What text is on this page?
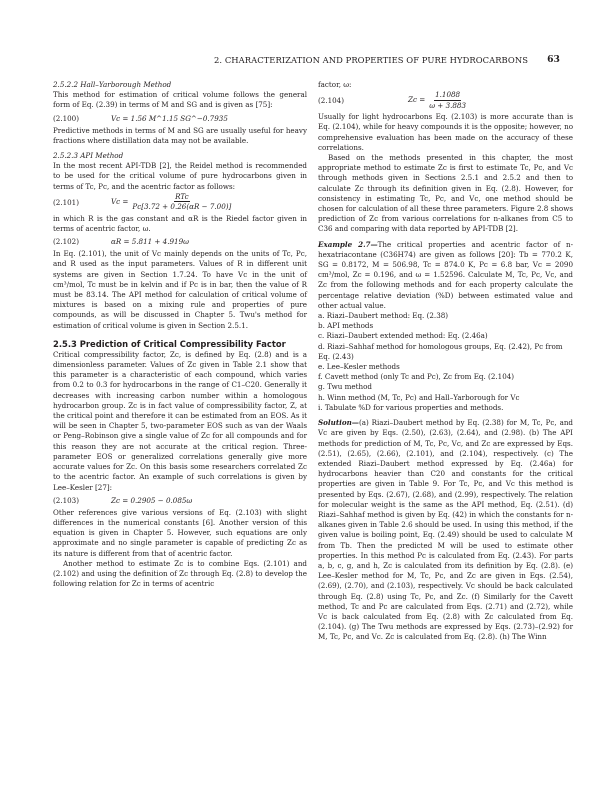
2. CHARACTERIZATION AND PROPERTIES OF PURE HYDROCARBONS 63

2.5.2.2 Hall–Yarborough Method

This method for estimation of critical volume follows the general form of Eq. (2.39) in terms of M and SG and is given as [75]:

(2.100)	Vc = 1.56 M^1.15 SG^−0.7935

Predictive methods in terms of M and SG are usually useful for heavy fractions where distillation data may not be available.

2.5.2.3 API Method

In the most recent API-TDB [2], the Reidel method is recommended to be used for the critical volume of pure hydrocarbons given in terms of Tc, Pc, and the acentric factor as follows:

(2.101)	Vc =
RTc
Pc[3.72 + 0.26(αR − 7.00)]

in which R is the gas constant and αR is the Riedel factor given in terms of acentric factor, ω.

(2.102)	αR = 5.811 + 4.919ω

In Eq. (2.101), the unit of Vc mainly depends on the units of Tc, Pc, and R used as the input parameters. Values of R in different unit systems are given in Section 1.7.24. To have Vc in the unit of cm³/mol, Tc must be in kelvin and if Pc is in bar, then the value of R must be 83.14. The API method for calculation of critical volume of mixtures is based on a mixing rule and properties of pure compounds, as will be discussed in Chapter 5. Twu's method for estimation of critical volume is given in Section 2.5.1.

2.5.3 Prediction of Critical Compressibility Factor

Critical compressibility factor, Zc, is defined by Eq. (2.8) and is a dimensionless parameter. Values of Zc given in Table 2.1 show that this parameter is a characteristic of each compound, which varies from 0.2 to 0.3 for hydrocarbons in the range of C1–C20. Generally it decreases with increasing carbon number within a homologous hydrocarbon group. Zc is in fact value of compressibility factor, Z, at the critical point and therefore it can be estimated from an EOS. As it will be seen in Chapter 5, two-parameter EOS such as van der Waals or Peng–Robinson give a single value of Zc for all compounds and for this reason they are not accurate at the critical region. Three-parameter EOS or generalized correlations generally give more accurate values for Zc. On this basis some researchers correlated Zc to the acentric factor. An example of such correlations is given by Lee–Kesler [27]:

(2.103)	Zc = 0.2905 − 0.085ω

Other references give various versions of Eq. (2.103) with slight differences in the numerical constants [6]. Another version of this equation is given in Chapter 5. However, such equations are only approximate and no single parameter is capable of predicting Zc as its nature is different from that of acentric factor.

Another method to estimate Zc is to combine Eqs. (2.101) and (2.102) and using the definition of Zc through Eq. (2.8) to develop the following relation for Zc in terms of acentric

factor, ω:

(2.104)	$Zc = \frac{1.1088}{\omega + 3.883}$

Usually for light hydrocarbons Eq. (2.103) is more accurate than is Eq. (2.104), while for heavy compounds it is the opposite; however, no comprehensive evaluation has been made on the accuracy of these correlations.

Based on the methods presented in this chapter, the most appropriate method to estimate Zc is first to estimate Tc, Pc, and Vc through methods given in Sections 2.5.1 and 2.5.2 and then to calculate Zc through its definition given in Eq. (2.8). However, for consistency in estimating Tc, Pc, and Vc, one method should be chosen for calculation of all these three parameters. Figure 2.8 shows prediction of Zc from various correlations for n-alkanes from C5 to C36 and comparing with data reported by API-TDB [2].

Example 2.7—The critical properties and acentric factor of n-hexatriacontane (C36H74) are given as follows [20]: Tb = 770.2 K, SG = 0.8172, M = 506.98, Tc = 874.0 K, Pc = 6.8 bar, Vc = 2090 cm³/mol, Zc = 0.196, and ω = 1.52596. Calculate M, Tc, Pc, Vc, and Zc from the following methods and for each property calculate the percentage relative deviation (%D) between estimated value and other actual value.

a. Riazi–Daubert method: Eq. (2.38)
b. API methods
c. Riazi–Daubert extended method: Eq. (2.46a)
d. Riazi–Sahhaf method for homologous groups, Eq. (2.42), Pc from Eq. (2.43)
e. Lee–Kesler methods
f. Cavett method (only Tc and Pc), Zc from Eq. (2.104)
g. Twu method
h. Winn method (M, Tc, Pc) and Hall–Yarborough for Vc
i. Tabulate %D for various properties and methods.

Solution—(a) Riazi–Daubert method by Eq. (2.38) for M, Tc, Pc, and Vc are given by Eqs. (2.50), (2.63), (2.64), and (2.98). (b) The API methods for prediction of M, Tc, Pc, Vc, and Zc are expressed by Eqs. (2.51), (2.65), (2.66), (2.101), and (2.104), respectively. (c) The extended Riazi–Daubert method expressed by Eq. (2.46a) for hydrocarbons heavier than C20 and constants for the critical properties are given in Table 9. For Tc, Pc, and Vc this method is presented by Eqs. (2.67), (2.68), and (2.99), respectively. The relation for molecular weight is the same as the API method, Eq. (2.51). (d) Riazi–Sahhaf method is given by Eq. (42) in which the constants for n-alkanes given in Table 2.6 should be used. In using this method, if the given value is boiling point, Eq. (2.49) should be used to calculate M from Tb. Then the predicted M will be used to estimate other properties. In this method Pc is calculated from Eq. (2.43). For parts a, b, c, g, and h, Zc is calculated from its definition by Eq. (2.8). (e) Lee–Kesler method for M, Tc, Pc, and Zc are given in Eqs. (2.54), (2.69), (2.70), and (2.103), respectively. Vc should be back calculated through Eq. (2.8) using Tc, Pc, and Zc. (f) Similarly for the Cavett method, Tc and Pc are calculated from Eqs. (2.71) and (2.72), while Vc is back calculated from Eq. (2.8) with Zc calculated from Eq. (2.104). (g) The Twu methods are expressed by Eqs. (2.73)–(2.92) for M, Tc, Pc, and Vc. Zc is calculated from Eq. (2.8). (h) The Winn
